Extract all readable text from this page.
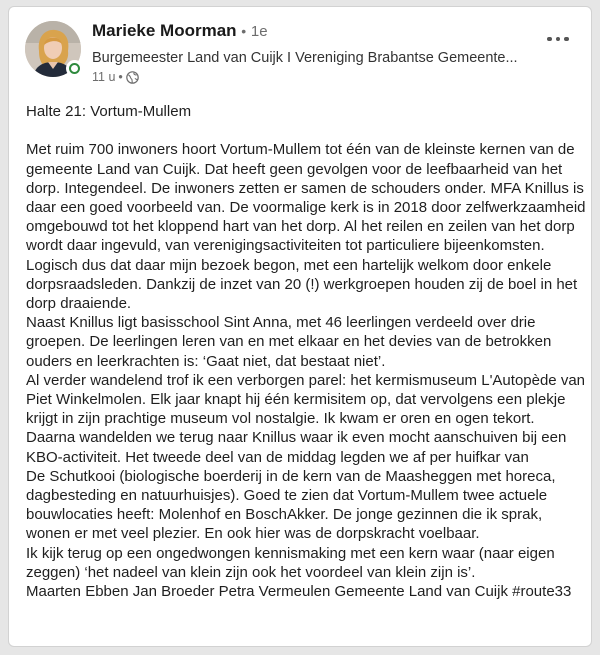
Marieke Moorman • 1e
Burgemeester Land van Cuijk I Vereniging Brabantse Gemeente...
11 u •
Halte 21: Vortum-Mullem
Met ruim 700 inwoners hoort Vortum-Mullem tot één van de kleinste kernen van de
gemeente Land van Cuijk. Dat heeft geen gevolgen voor de leefbaarheid van het
dorp. Integendeel. De inwoners zetten er samen de schouders onder. MFA Knillus is
daar een goed voorbeeld van. De voormalige kerk is in 2018 door zelfwerkzaamheid
omgebouwd tot het kloppend hart van het dorp. Al het reilen en zeilen van het dorp
wordt daar ingevuld, van verenigingsactiviteiten tot particuliere bijeenkomsten.
Logisch dus dat daar mijn bezoek begon, met een hartelijk welkom door enkele
dorpsraadsleden. Dankzij de inzet van 20 (!) werkgroepen houden zij de boel in het
dorp draaiende.
Naast Knillus ligt basisschool Sint Anna, met 46 leerlingen verdeeld over drie
groepen. De leerlingen leren van en met elkaar en het devies van de betrokken
ouders en leerkrachten is: ‘Gaat niet, dat bestaat niet’.
Al verder wandelend trof ik een verborgen parel: het kermismuseum L'Autopède van
Piet Winkelmolen. Elk jaar knapt hij één kermisitem op, dat vervolgens een plekje
krijgt in zijn prachtige museum vol nostalgie. Ik kwam er oren en ogen tekort.
Daarna wandelden we terug naar Knillus waar ik even mocht aanschuiven bij een
KBO-activiteit. Het tweede deel van de middag legden we af per huifkar van
De Schutkooi (biologische boerderij in de kern van de Maasheggen met horeca,
dagbesteding en natuurhuisjes). Goed te zien dat Vortum-Mullem twee actuele
bouwlocaties heeft: Molenhof en BoschAkker. De jonge gezinnen die ik sprak,
wonen er met veel plezier. En ook hier was de dorpskracht voelbaar.
Ik kijk terug op een ongedwongen kennismaking met een kern waar (naar eigen
zeggen) ‘het nadeel van klein zijn ook het voordeel van klein zijn is’.
Maarten Ebben Jan Broeder Petra Vermeulen Gemeente Land van Cuijk #route33
